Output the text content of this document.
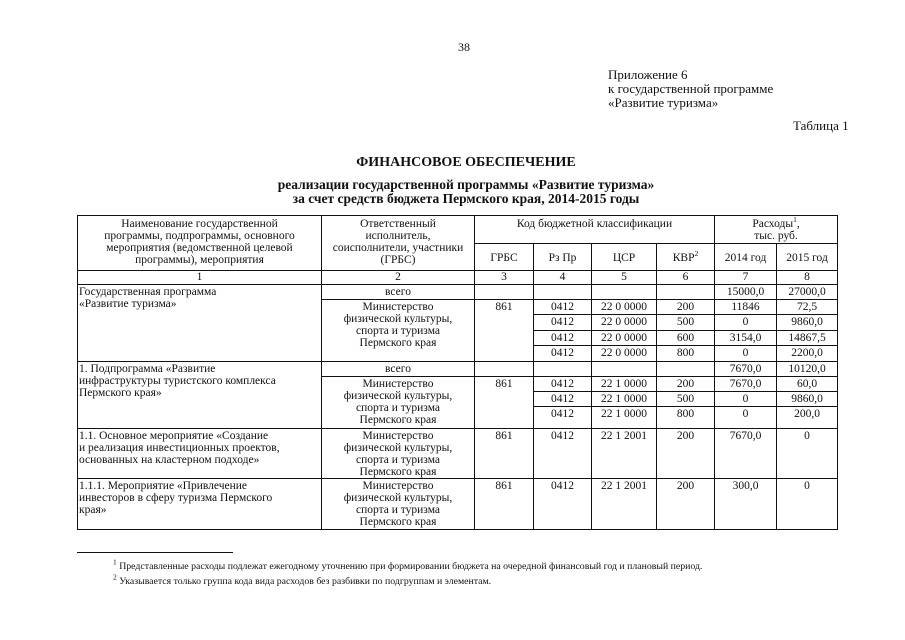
38
Приложение 6
к государственной программе
«Развитие туризма»
Таблица 1
ФИНАНСОВОЕ ОБЕСПЕЧЕНИЕ
реализации государственной программы «Развитие туризма»
за счет средств бюджета Пермского края, 2014-2015 годы
Наименование государственной
программы, подпрограммы, основного
мероприятия (ведомственной целевой
программы), мероприятия	Ответственный
исполнитель,
соисполнители, участники
(ГРБС)	Код бюджетной классификации				Расходы$^1$,
тыс. руб.	
		ГРБС	Рз Пр	ЦСР	КВР$^2$	2014 год	2015 год
1	2	3	4	5	6	7	8
Государственная программа
«Развитие туризма»	всего					15000,0	27000,0
	Министерство
физической культуры,
спорта и туризма
Пермского края	861	0412	22 0 0000	200	11846	72,5
			0412	22 0 0000	500	0	9860,0
			0412	22 0 0000	600	3154,0	14867,5
			0412	22 0 0000	800	0	2200,0
1. Подпрограмма «Развитие
инфраструктуры туристского комплекса
Пермского края»	всего					7670,0	10120,0
	Министерство
физической культуры,
спорта и туризма
Пермского края	861	0412	22 1 0000	200	7670,0	60,0
			0412	22 1 0000	500	0	9860,0
			0412	22 1 0000	800	0	200,0
1.1. Основное мероприятие «Создание
и реализация инвестиционных проектов,
основанных на кластерном подходе»	Министерство
физической культуры,
спорта и туризма
Пермского края	861	0412	22 1 2001	200	7670,0	0
1.1.1. Мероприятие «Привлечение
инвесторов в сферу туризма Пермского
края»	Министерство
физической культуры,
спорта и туризма
Пермского края	861	0412	22 1 2001	200	300,0	0
$^1$ Представленные расходы подлежат ежегодному уточнению при формировании бюджета на очередной финансовый год и плановый период.
$^2$ Указывается только группа кода вида расходов без разбивки по подгруппам и элементам.
